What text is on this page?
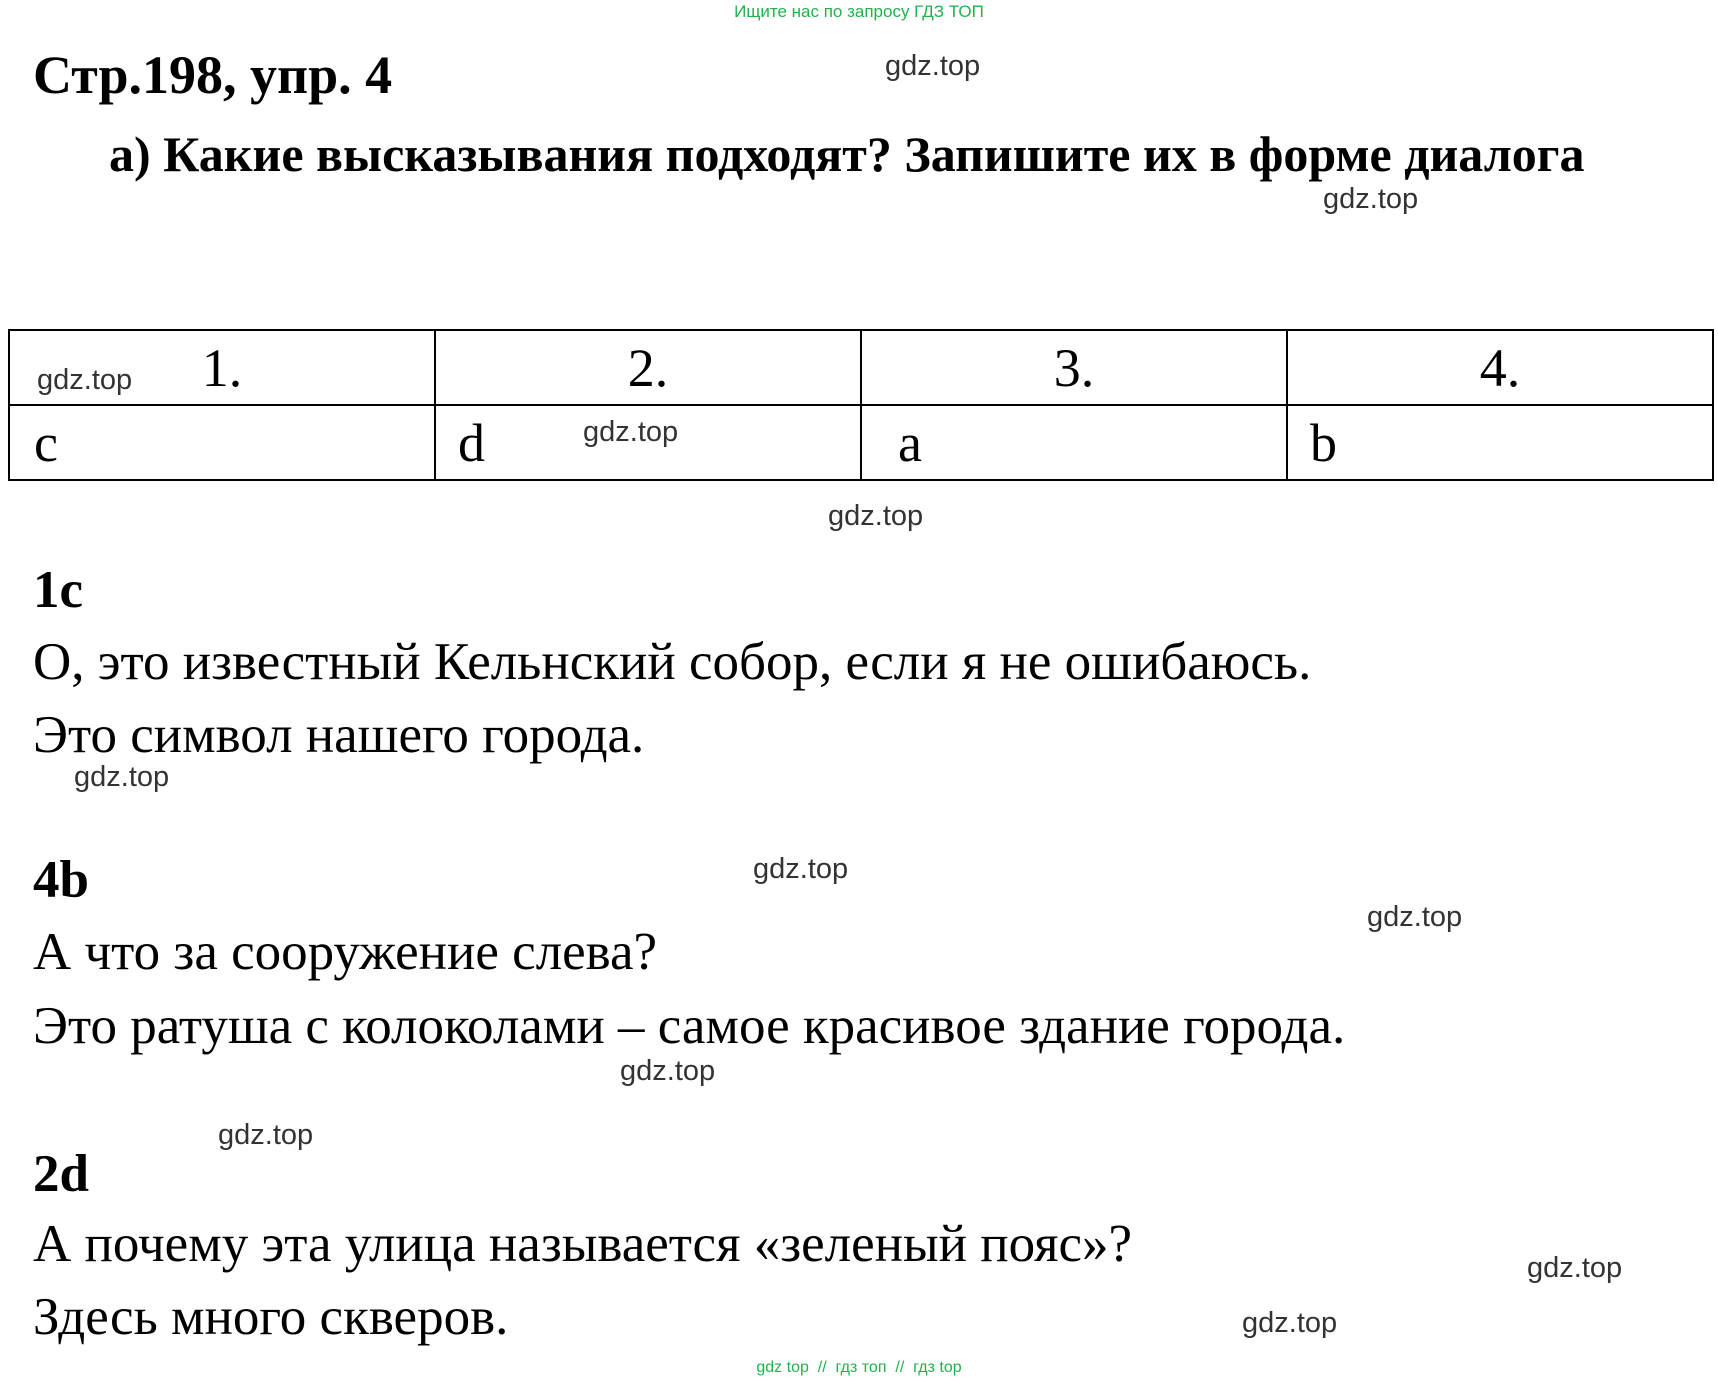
Ищите нас по запросу ГДЗ ТОП
Стр.198, упр. 4
а) Какие высказывания подходят? Запишите их в форме диалога
1.	2.	3.	4.
c	d	a	b
1c
О, это известный Кельнский собор, если я не ошибаюсь.
Это символ нашего города.
4b
А что за сооружение слева?
Это ратуша с колоколами – самое красивое здание города.
2d
А почему эта улица называется «зеленый пояс»?
Здесь много скверов.
gdz.top
gdz.top
gdz.top
gdz.top
gdz.top
gdz.top
gdz.top
gdz.top
gdz.top
gdz.top
gdz.top
gdz.top
gdz top  //  гдз топ  //  гдз top
